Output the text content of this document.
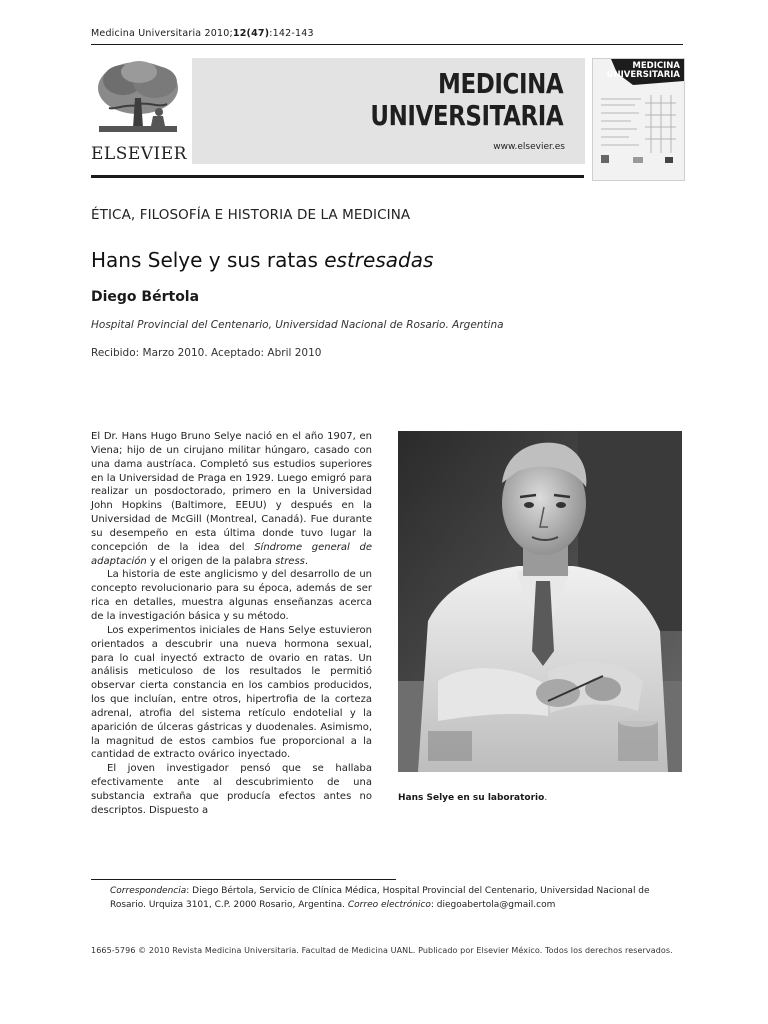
Medicina Universitaria 2010;12(47):142-143
ELSEVIER
MEDICINA
UNIVERSITARIA
www.elsevier.es
MEDICINA
UNIVERSITARIA
ÉTICA, FILOSOFÍA E HISTORIA DE LA MEDICINA
Hans Selye y sus ratas estresadas
Diego Bértola
Hospital Provincial del Centenario, Universidad Nacional de Rosario. Argentina
Recibido: Marzo 2010. Aceptado: Abril 2010

El Dr. Hans Hugo Bruno Selye nació en el año 1907, en Viena; hijo de un cirujano militar húngaro, casado con una dama austríaca. Completó sus estudios superiores en la Universidad de Praga en 1929. Luego emigró para realizar un posdoctorado, primero en la Universidad John Hopkins (Baltimore, EEUU) y después en la Universidad de McGill (Montreal, Canadá). Fue durante su desempeño en esta última donde tuvo lugar la concepción de la idea del Síndrome general de adaptación y el origen de la palabra stress.

La historia de este anglicismo y del desarrollo de un concepto revolucionario para su época, además de ser rica en detalles, muestra algunas enseñanzas acerca de la investigación básica y su método.

Los experimentos iniciales de Hans Selye estuvieron orientados a descubrir una nueva hormona sexual, para lo cual inyectó extracto de ovario en ratas. Un análisis meticuloso de los resultados le permitió observar cierta constancia en los cambios producidos, los que incluían, entre otros, hipertrofia de la corteza adrenal, atrofia del sistema retículo endotelial y la aparición de úlceras gástricas y duodenales. Asimismo, la magnitud de estos cambios fue proporcional a la cantidad de extracto ovárico inyectado.

El joven investigador pensó que se hallaba efectivamente ante al descubrimiento de una substancia extraña que producía efectos antes no descriptos. Dispuesto a

Hans Selye en su laboratorio.
Correspondencia: Diego Bértola, Servicio de Clínica Médica, Hospital Provincial del Centenario, Universidad Nacional de Rosario. Urquiza 3101, C.P. 2000 Rosario, Argentina. Correo electrónico: diegoabertola@gmail.com
1665-5796 © 2010 Revista Medicina Universitaria. Facultad de Medicina UANL. Publicado por Elsevier México. Todos los derechos reservados.
